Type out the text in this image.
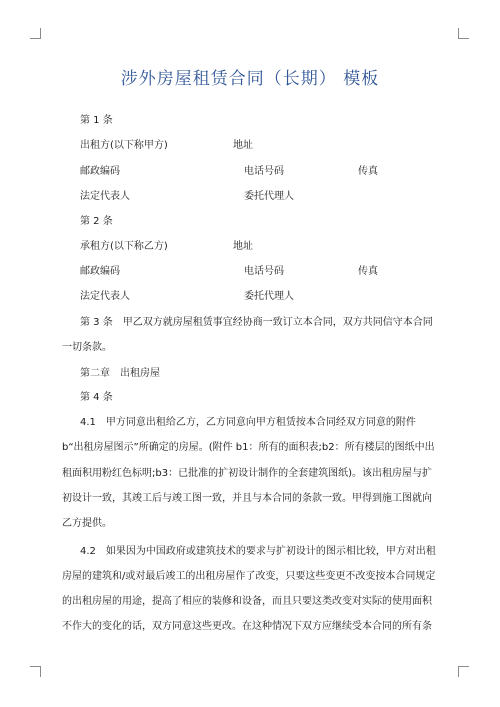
涉外房屋租赁合同（长期） 模板
第 1 条
出租方(以下称甲方)	地址
邮政编码	电话号码	传真
法定代表人	委托代理人
第 2 条
承租方(以下称乙方)	地址
邮政编码	电话号码	传真
法定代表人	委托代理人
第 3 条　甲乙双方就房屋租赁事宜经协商一致订立本合同，双方共同信守本合同
一切条款。
第二章　出租房屋
第 4 条
4.1　甲方同意出租给乙方，乙方同意向甲方租赁按本合同经双方同意的附件
b“出租房屋图示”所确定的房屋。(附件 b1：所有的面积表;b2：所有楼层的图纸中出
租面积用粉红色标明;b3：已批准的扩初设计制作的全套建筑图纸)。该出租房屋与扩
初设计一致，其竣工后与竣工图一致，并且与本合同的条款一致。甲得到施工图就向
乙方提供。
4.2　如果因为中国政府或建筑技术的要求与扩初设计的图示相比较，甲方对出租
房屋的建筑和/或对最后竣工的出租房屋作了改变，只要这些变更不改变按本合同规定
的出租房屋的用途，提高了相应的装修和设备，而且只要这类改变对实际的使用面积
不作大的变化的话，双方同意这些更改。在这种情况下双方应继续受本合同的所有条
